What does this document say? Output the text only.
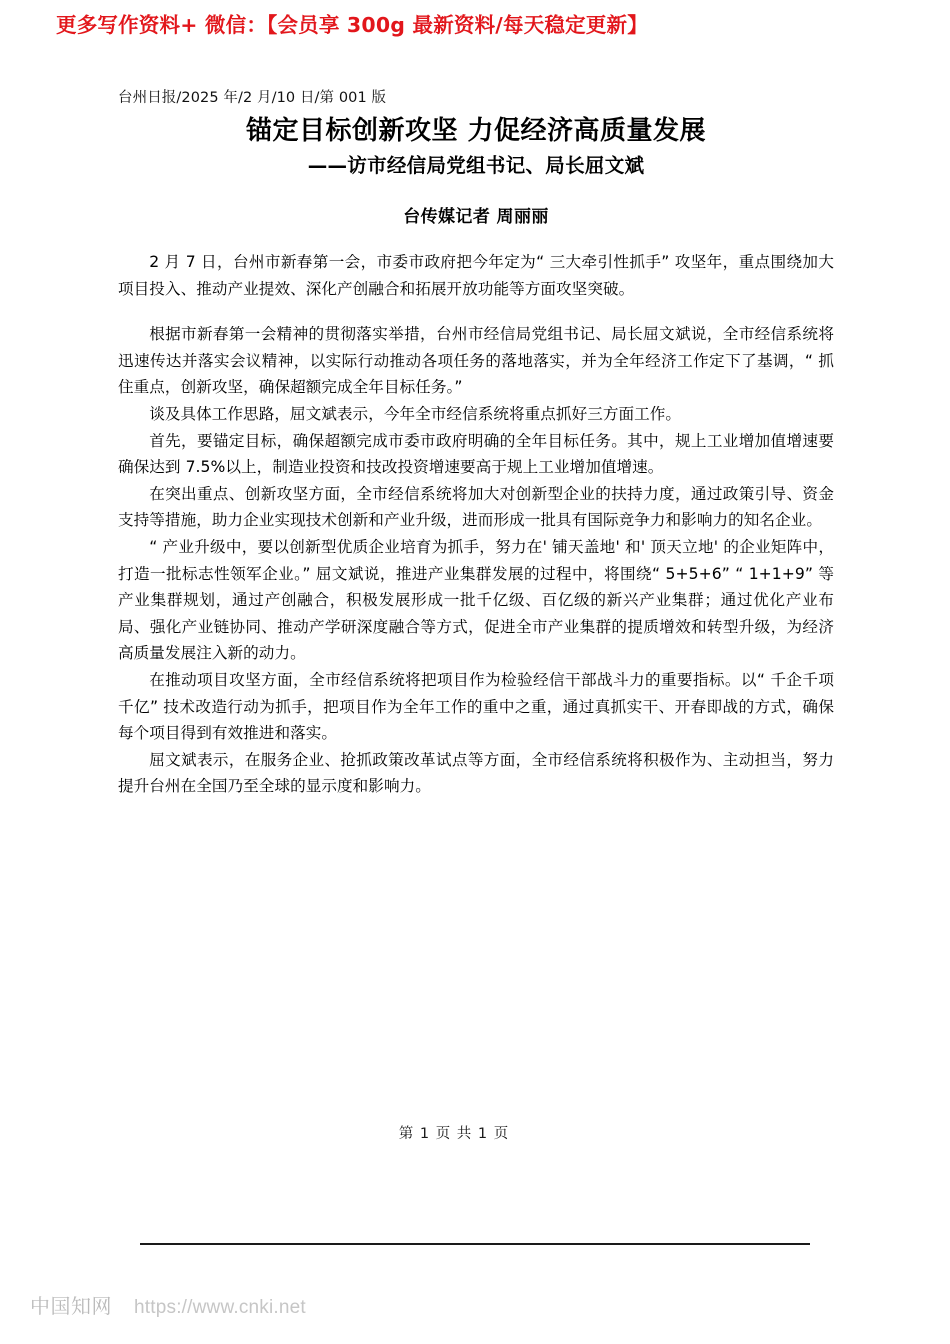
更多写作资料+ 微信：【会员享 300g 最新资料/每天稳定更新】
台州日报/2025 年/2 月/10 日/第 001 版
锚定目标创新攻坚 力促经济高质量发展
——访市经信局党组书记、局长屈文斌
台传媒记者 周丽丽

2 月 7 日，台州市新春第一会，市委市政府把今年定为“ 三大牵引性抓手” 攻坚年，重点围绕加大项目投入、推动产业提效、深化产创融合和拓展开放功能等方面攻坚突破。

根据市新春第一会精神的贯彻落实举措，台州市经信局党组书记、局长屈文斌说，全市经信系统将迅速传达并落实会议精神，以实际行动推动各项任务的落地落实，并为全年经济工作定下了基调，“ 抓住重点，创新攻坚，确保超额完成全年目标任务。”

谈及具体工作思路，屈文斌表示，今年全市经信系统将重点抓好三方面工作。

首先，要锚定目标，确保超额完成市委市政府明确的全年目标任务。其中，规上工业增加值增速要确保达到 7.5%以上，制造业投资和技改投资增速要高于规上工业增加值增速。

在突出重点、创新攻坚方面，全市经信系统将加大对创新型企业的扶持力度，通过政策引导、资金支持等措施，助力企业实现技术创新和产业升级，进而形成一批具有国际竞争力和影响力的知名企业。

“ 产业升级中，要以创新型优质企业培育为抓手，努力在' 铺天盖地' 和' 顶天立地' 的企业矩阵中，打造一批标志性领军企业。” 屈文斌说，推进产业集群发展的过程中，将围绕“ 5+5+6” “ 1+1+9” 等产业集群规划，通过产创融合，积极发展形成一批千亿级、百亿级的新兴产业集群；通过优化产业布局、强化产业链协同、推动产学研深度融合等方式，促进全市产业集群的提质增效和转型升级，为经济高质量发展注入新的动力。

在推动项目攻坚方面，全市经信系统将把项目作为检验经信干部战斗力的重要指标。以“ 千企千项千亿” 技术改造行动为抓手，把项目作为全年工作的重中之重，通过真抓实干、开春即战的方式，确保每个项目得到有效推进和落实。

屈文斌表示，在服务企业、抢抓政策改革试点等方面，全市经信系统将积极作为、主动担当，努力提升台州在全国乃至全球的显示度和影响力。

第 1 页 共 1 页
中国知网 https://www.cnki.net
